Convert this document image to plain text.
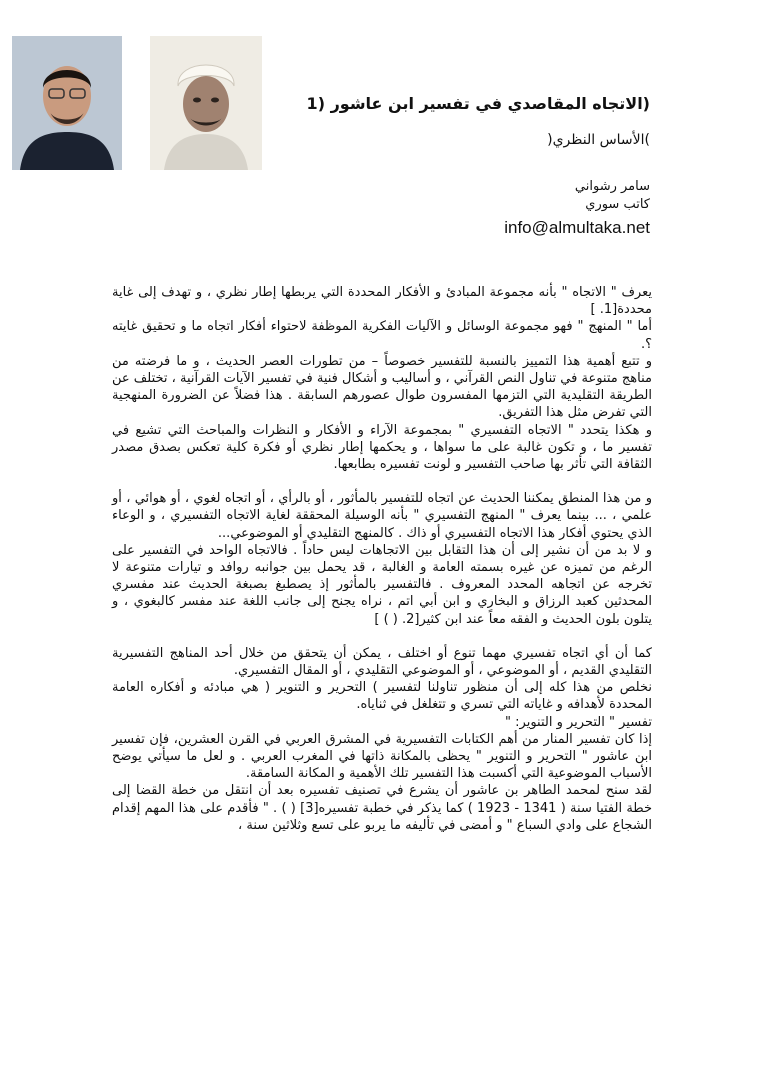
(الاتجاه المقاصدي في تفسير ابن عاشور (1
)الأساس النظري(
سامر رشواني
كاتب سوري
info@almultaka.net

يعرف " الاتجاه " بأنه مجموعة المبادئ و الأفكار المحددة التي يربطها إطار نظري ، و تهدف إلى غاية محددة[1. ]

أما " المنهج " فهو مجموعة الوسائل و الآليات الفكرية الموظفة لاحتواء أفكار اتجاه ما و تحقيق غايته ؟.

و تتبع أهمية هذا التمييز بالنسبة للتفسير خصوصاً – من تطورات العصر الحديث ، و ما فرضته من مناهج متنوعة في تناول النص القرآني ، و أساليب و أشكال فنية في تفسير الآيات القرآنية ، تختلف عن الطريقة التقليدية التي التزمها المفسرون طوال عصورهم السابقة . هذا فضلاً عن الضرورة المنهجية التي تفرض مثل هذا التفريق.

و هكذا يتحدد " الاتجاه التفسيري " بمجموعة الآراء و الأفكار و النظرات والمباحث التي تشيع في تفسير ما ، و تكون غالبة على ما سواها ، و يحكمها إطار نظري أو فكرة كلية تعكس بصدق مصدر الثقافة التي تأثر بها صاحب التفسير و لونت تفسيره بطابعها.

و من هذا المنطق يمكننا الحديث عن اتجاه للتفسير بالمأثور ، أو بالرأي ، أو اتجاه لغوي ، أو هوائي ، أو علمي ، ... بينما يعرف " المنهج التفسيري " بأنه الوسيلة المحققة لغاية الاتجاه التفسيري ، و الوعاء الذي يحتوي أفكار هذا الاتجاه التفسيري أو ذاك . كالمنهج التقليدي أو الموضوعي...

و لا بد من أن نشير إلى أن هذا التقابل بين الاتجاهات ليس حاداً . فالاتجاه الواحد في التفسير على الرغم من تميزه عن غيره بسمته العامة و الغالبة ، قد يحمل بين جوانبه روافد و تيارات متنوعة لا تخرجه عن اتجاهه المحدد المعروف . فالتفسير بالمأثور إذ يصطبغ بصبغة الحديث عند مفسري المحدثين كعبد الرزاق و البخاري و ابن أبي اتم ، نراه يجنح إلى جانب اللغة عند مفسر كالبغوي ، و يتلون بلون الحديث و الفقه معاً عند ابن كثير[2. ( ) ]

كما أن أي اتجاه تفسيري مهما تنوع أو اختلف ، يمكن أن يتحقق من خلال أحد المناهج التفسيرية التقليدي القديم ، أو الموضوعي ، أو الموضوعي التقليدي ، أو المقال التفسيري.

نخلص من هذا كله إلى أن منظور تناولنا لتفسير ) التحرير و التنوير ( هي مبادئه و أفكاره العامة المحددة لأهدافه و غاياته التي تسري و تتغلغل في ثناياه.

تفسير " التحرير و التنوير: "

إذا كان تفسير المنار من أهم الكتابات التفسيرية في المشرق العربي في القرن العشرين، فإن تفسير ابن عاشور " التحرير و التنوير " يحظى بالمكانة ذاتها في المغرب العربي . و لعل ما سيأتي يوضح الأسباب الموضوعية التي أكسبت هذا التفسير تلك الأهمية و المكانة السامقة.

لقد سنح لمحمد الطاهر بن عاشور أن يشرع في تصنيف تفسيره بعد أن انتقل من خطة القضا إلى خطة الفتيا سنة ( 1341 - 1923 ) كما يذكر في خطبة تفسيره[3] ( ) . " فأقدم على هذا المهم إقدام الشجاع على وادي السباع " و أمضى في تأليفه ما يربو على تسع وثلاثين سنة ،
